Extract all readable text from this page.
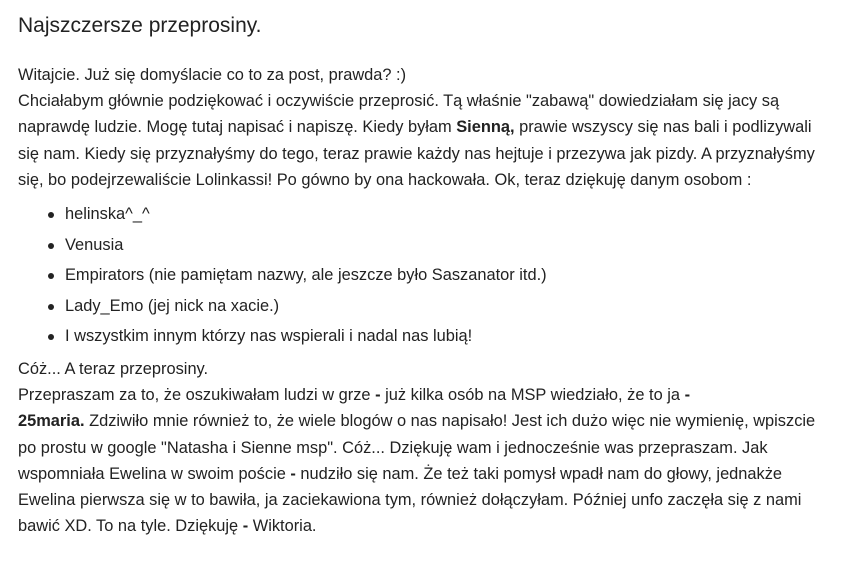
Najszczersze przeprosiny.

Witajcie. Już się domyślacie co to za post, prawda? :)
Chciałabym głównie podziękować i oczywiście przeprosić. Tą właśnie "zabawą" dowiedziałam się jacy są naprawdę ludzie. Mogę tutaj napisać i napiszę. Kiedy byłam Sienną, prawie wszyscy się nas bali i podlizywali się nam. Kiedy się przyznałyśmy do tego, teraz prawie każdy nas hejtuje i przezywa jak pizdy. A przyznałyśmy się, bo podejrzewaliście Lolinkassi! Po gówno by ona hackowała. Ok, teraz dziękuję danym osobom :

helinska^_^
Venusia
Empirators (nie pamiętam nazwy, ale jeszcze było Saszanator itd.)
Lady_Emo (jej nick na xacie.)
I wszystkim innym którzy nas wspierali i nadal nas lubią!

Cóż... A teraz przeprosiny.
Przepraszam za to, że oszukiwałam ludzi w grze - już kilka osób na MSP wiedziało, że to ja -
25maria. Zdziwiło mnie również to, że wiele blogów o nas napisało! Jest ich dużo więc nie wymienię, wpiszcie po prostu w google "Natasha i Sienne msp". Cóż... Dziękuję wam i jednocześnie was przepraszam. Jak wspomniała Ewelina w swoim poście - nudziło się nam. Że też taki pomysł wpadł nam do głowy, jednakże Ewelina pierwsza się w to bawiła, ja zaciekawiona tym, również dołączyłam. Później unfo zaczęła się z nami bawić XD. To na tyle. Dziękuję - Wiktoria.
